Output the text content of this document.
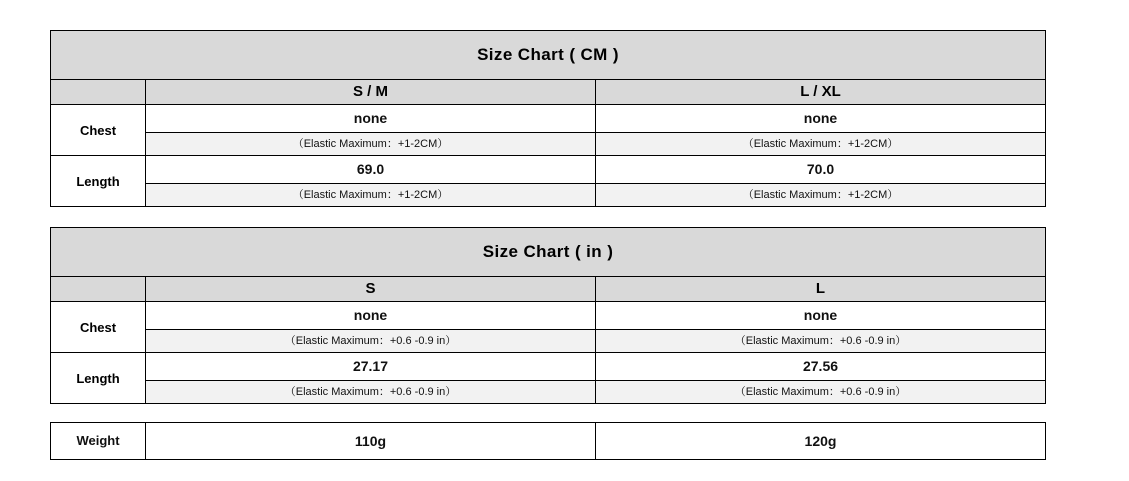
Size Chart ( CM )		
	S / M	L / XL
Chest	none	none
	（Elastic Maximum：+1-2CM）	（Elastic Maximum：+1-2CM）
Length	69.0	70.0
	（Elastic Maximum：+1-2CM）	（Elastic Maximum：+1-2CM）
Size Chart ( in )		
	S	L
Chest	none	none
	（Elastic Maximum：+0.6 -0.9 in）	（Elastic Maximum：+0.6 -0.9 in）
Length	27.17	27.56
	（Elastic Maximum：+0.6 -0.9 in）	（Elastic Maximum：+0.6 -0.9 in）
Weight	110g	120g
